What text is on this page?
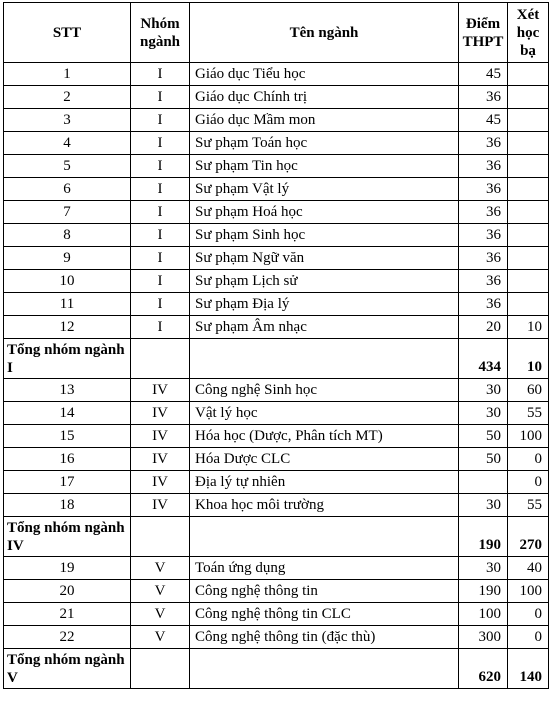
STT	Nhóm ngành	Tên ngành	Điểm THPT	Xét học bạ
1	I	Giáo dục Tiểu học	45	
2	I	Giáo dục Chính trị	36	
3	I	Giáo dục Mầm mon	45	
4	I	Sư phạm Toán học	36	
5	I	Sư phạm Tin học	36	
6	I	Sư phạm Vật lý	36	
7	I	Sư phạm Hoá học	36	
8	I	Sư phạm Sinh học	36	
9	I	Sư phạm Ngữ văn	36	
10	I	Sư phạm Lịch sử	36	
11	I	Sư phạm Địa lý	36	
12	I	Sư phạm Âm nhạc	20	10
Tổng nhóm ngành I			434	10
13	IV	Công nghệ Sinh học	30	60
14	IV	Vật lý học	30	55
15	IV	Hóa học (Dược, Phân tích MT)	50	100
16	IV	Hóa Dược CLC	50	0
17	IV	Địa lý tự nhiên		0
18	IV	Khoa học môi trường	30	55
Tổng nhóm ngành IV			190	270
19	V	Toán ứng dụng	30	40
20	V	Công nghệ thông tin	190	100
21	V	Công nghệ thông tin CLC	100	0
22	V	Công nghệ thông tin (đặc thù)	300	0
Tổng nhóm ngành V			620	140
